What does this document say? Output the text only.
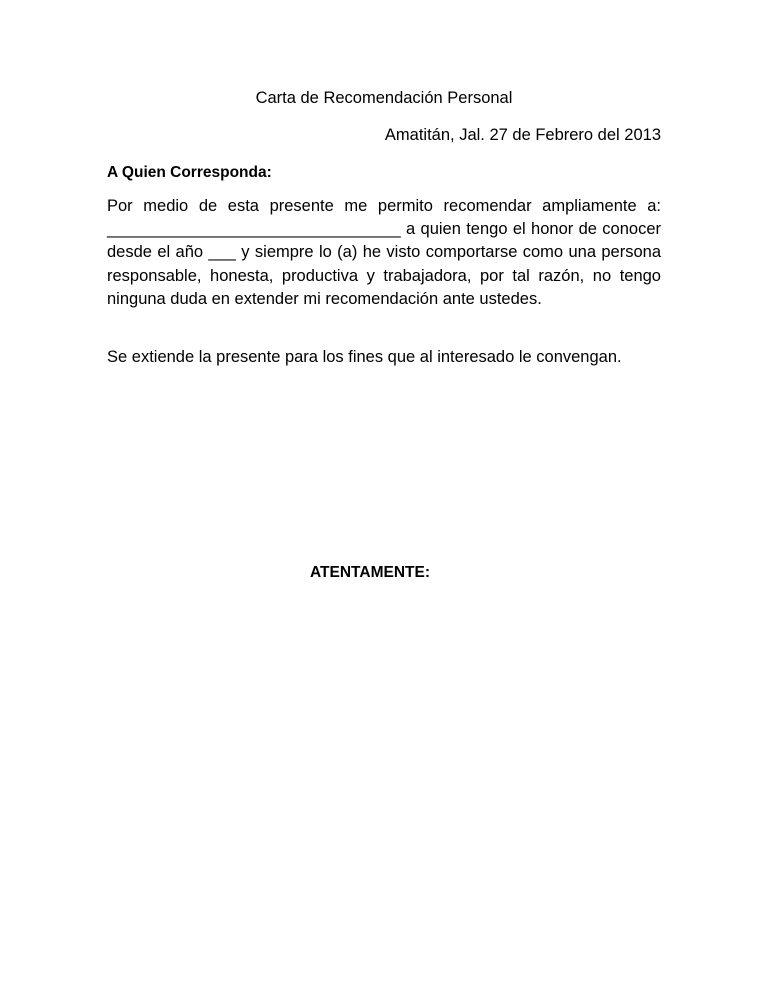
Carta de Recomendación Personal
Amatitán, Jal. 27 de Febrero del 2013
A Quien Corresponda:

Por medio de esta presente me permito recomendar ampliamente a: ________________________________ a quien tengo el honor de conocer desde el año ___ y siempre lo (a) he visto comportarse como una persona responsable, honesta, productiva y trabajadora, por tal razón, no tengo ninguna duda en extender mi recomendación ante ustedes.

Se extiende la presente para los fines que al interesado le convengan.

ATENTAMENTE:
